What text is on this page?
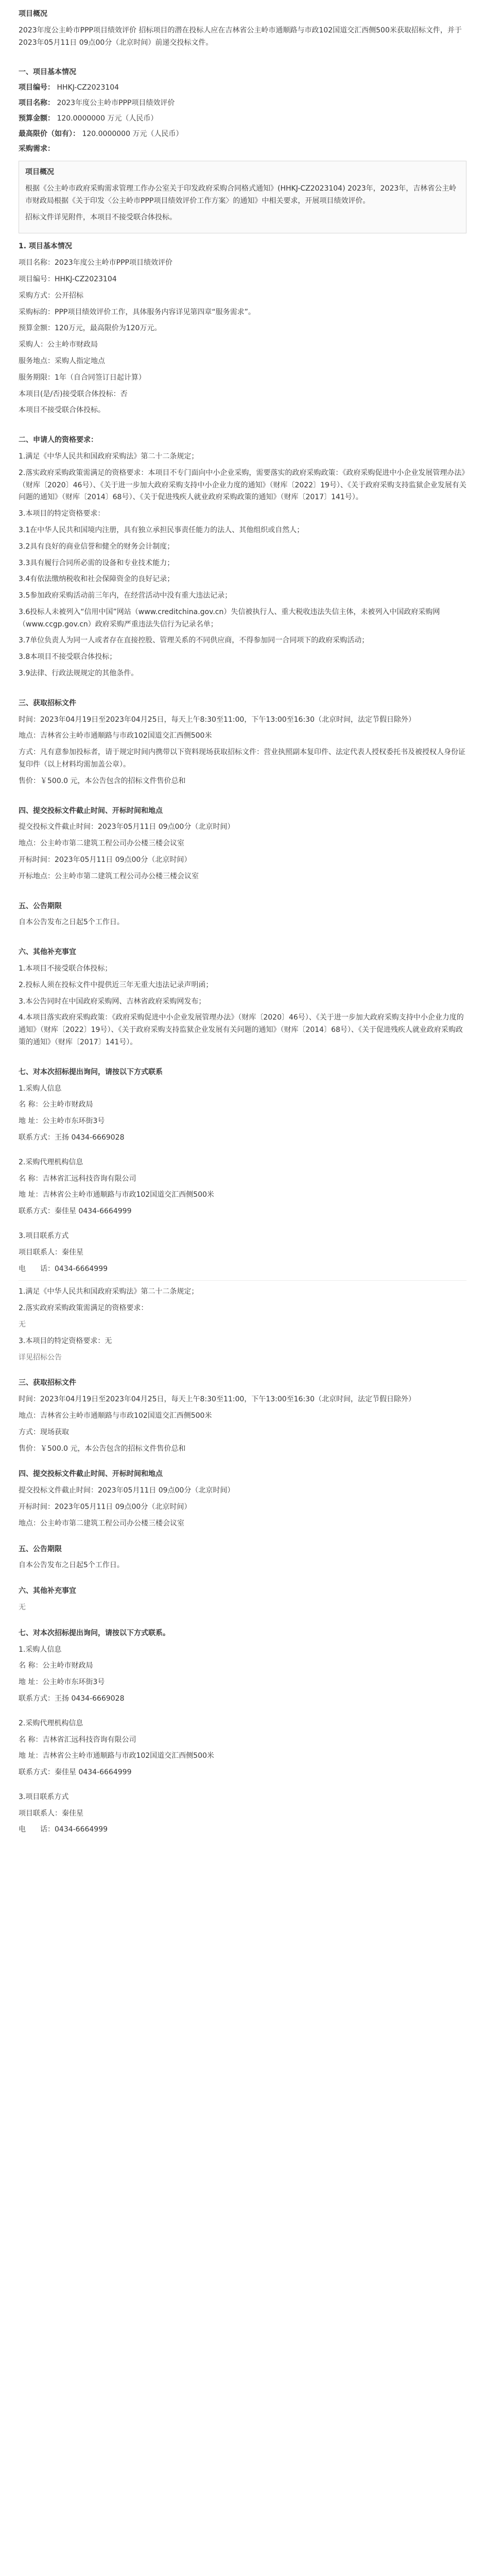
项目概况
2023年度公主岭市PPP项目绩效评价 招标项目的潜在投标人应在吉林省公主岭市通顺路与市政102国道交汇西侧500米获取招标文件，并于2023年05月11日 09点00分（北京时间）前递交投标文件。
一、项目基本情况
项目编号： HHKJ-CZ2023104
项目名称： 2023年度公主岭市PPP项目绩效评价
预算金额： 120.0000000 万元（人民币）
最高限价（如有）： 120.0000000 万元（人民币）
采购需求：
项目概况
根据《公主岭市政府采购需求管理工作办公室关于印发政府采购合同格式通知》(HHKJ-CZ2023104) 2023年，2023年，吉林省公主岭市财政局根据《关于印发〈公主岭市PPP项目绩效评价工作方案〉的通知》中相关要求，开展项目绩效评价。
招标文件详见附件，本项目不接受联合体投标。
1. 项目基本情况
项目名称：2023年度公主岭市PPP项目绩效评价
项目编号：HHKJ-CZ2023104
采购方式：公开招标
采购标的：PPP项目绩效评价工作，具体服务内容详见第四章“服务需求”。
预算金额：120万元，最高限价为120万元。
采购人：公主岭市财政局
服务地点：采购人指定地点
服务期限：1年（自合同签订日起计算）
本项目(是/否)接受联合体投标：否
本项目不接受联合体投标。
二、申请人的资格要求：
1.满足《中华人民共和国政府采购法》第二十二条规定；
2.落实政府采购政策需满足的资格要求：本项目不专门面向中小企业采购，需要落实的政府采购政策：《政府采购促进中小企业发展管理办法》（财库〔2020〕46号）、《关于进一步加大政府采购支持中小企业力度的通知》（财库〔2022〕19号）、《关于政府采购支持监狱企业发展有关问题的通知》（财库〔2014〕68号）、《关于促进残疾人就业政府采购政策的通知》（财库〔2017〕141号）。
3.本项目的特定资格要求：
3.1在中华人民共和国境内注册，具有独立承担民事责任能力的法人、其他组织或自然人；
3.2具有良好的商业信誉和健全的财务会计制度；
3.3具有履行合同所必需的设备和专业技术能力；
3.4有依法缴纳税收和社会保障资金的良好记录；
3.5参加政府采购活动前三年内，在经营活动中没有重大违法记录；
3.6投标人未被列入“信用中国”网站（www.creditchina.gov.cn）失信被执行人、重大税收违法失信主体，未被列入中国政府采购网（www.ccgp.gov.cn）政府采购严重违法失信行为记录名单；
3.7单位负责人为同一人或者存在直接控股、管理关系的不同供应商，不得参加同一合同项下的政府采购活动；
3.8本项目不接受联合体投标；
3.9法律、行政法规规定的其他条件。
三、获取招标文件
时间：2023年04月19日至2023年04月25日，每天上午8:30至11:00，下午13:00至16:30（北京时间，法定节假日除外）
地点：吉林省公主岭市通顺路与市政102国道交汇西侧500米
方式：凡有意参加投标者，请于规定时间内携带以下资料现场获取招标文件：营业执照副本复印件、法定代表人授权委托书及被授权人身份证复印件（以上材料均需加盖公章）。
售价：￥500.0 元，本公告包含的招标文件售价总和
四、提交投标文件截止时间、开标时间和地点
提交投标文件截止时间：2023年05月11日 09点00分（北京时间）
地点：公主岭市第二建筑工程公司办公楼三楼会议室
开标时间：2023年05月11日 09点00分（北京时间）
开标地点：公主岭市第二建筑工程公司办公楼三楼会议室
五、公告期限
自本公告发布之日起5个工作日。
六、其他补充事宜
1.本项目不接受联合体投标；
2.投标人须在投标文件中提供近三年无重大违法记录声明函；
3.本公告同时在中国政府采购网、吉林省政府采购网发布；
4.本项目落实政府采购政策：《政府采购促进中小企业发展管理办法》（财库〔2020〕46号）、《关于进一步加大政府采购支持中小企业力度的通知》（财库〔2022〕19号）、《关于政府采购支持监狱企业发展有关问题的通知》（财库〔2014〕68号）、《关于促进残疾人就业政府采购政策的通知》（财库〔2017〕141号）。
七、对本次招标提出询问，请按以下方式联系
1.采购人信息
名 称：公主岭市财政局
地 址：公主岭市东环街3号
联系方式：王扬 0434-6669028
2.采购代理机构信息
名 称：吉林省汇远科技咨询有限公司
地 址：吉林省公主岭市通顺路与市政102国道交汇西侧500米
联系方式：秦佳星 0434-6664999
3.项目联系方式
项目联系人：秦佳星
电　　话：0434-6664999
1.满足《中华人民共和国政府采购法》第二十二条规定；
2.落实政府采购政策需满足的资格要求：
无
3.本项目的特定资格要求：无
详见招标公告
三、获取招标文件
时间：2023年04月19日至2023年04月25日，每天上午8:30至11:00，下午13:00至16:30（北京时间，法定节假日除外）
地点：吉林省公主岭市通顺路与市政102国道交汇西侧500米
方式：现场获取
售价：￥500.0 元，本公告包含的招标文件售价总和
四、提交投标文件截止时间、开标时间和地点
提交投标文件截止时间：2023年05月11日 09点00分（北京时间）
开标时间：2023年05月11日 09点00分（北京时间）
地点：公主岭市第二建筑工程公司办公楼三楼会议室
五、公告期限
自本公告发布之日起5个工作日。
六、其他补充事宜
无
七、对本次招标提出询问，请按以下方式联系。
1.采购人信息
名 称：公主岭市财政局
地 址：公主岭市东环街3号
联系方式：王扬 0434-6669028
2.采购代理机构信息
名 称：吉林省汇远科技咨询有限公司
地 址：吉林省公主岭市通顺路与市政102国道交汇西侧500米
联系方式：秦佳星 0434-6664999
3.项目联系方式
项目联系人：秦佳星
电　　话：0434-6664999
